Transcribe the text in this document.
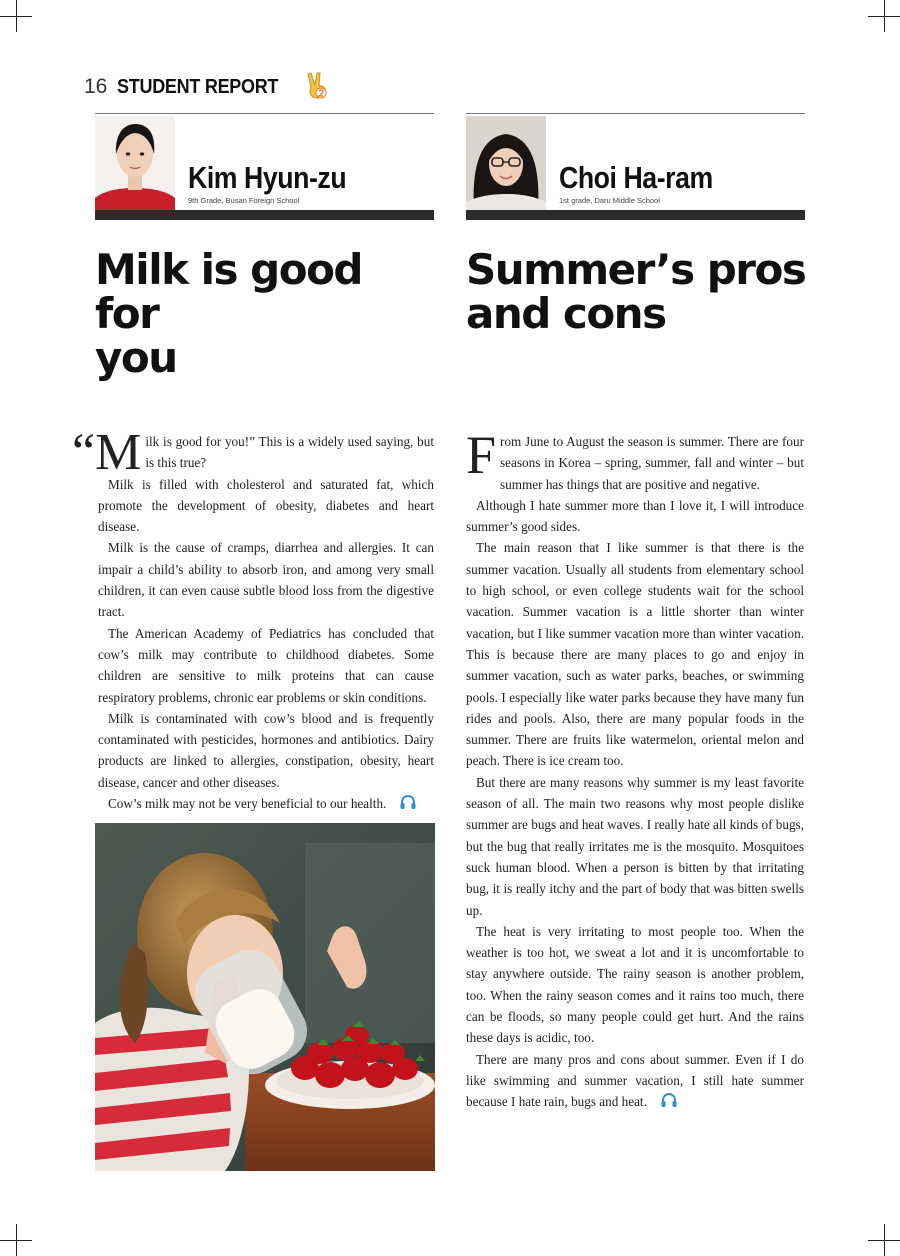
16 STUDENT REPORT
Kim Hyun-zu
9th Grade, Busan Foreign School
Choi Ha-ram
1st grade, Daru Middle School
Milk is good for
you
Summer’s pros
and cons

“M ilk is good for you!” This is a widely used saying, but is this true?

Milk is filled with cholesterol and saturated fat, which promote the development of obesity, diabetes and heart disease.

Milk is the cause of cramps, diarrhea and allergies. It can impair a child’s ability to absorb iron, and among very small children, it can even cause subtle blood loss from the digestive tract.

The American Academy of Pediatrics has concluded that cow’s milk may contribute to childhood diabetes. Some children are sensitive to milk proteins that can cause respiratory problems, chronic ear problems or skin conditions.

Milk is contaminated with cow’s blood and is frequently contaminated with pesticides, hormones and antibiotics. Dairy products are linked to allergies, constipation, obesity, heart disease, cancer and other diseases.

Cow’s milk may not be very beneficial to our health.

From June to August the season is summer. There are four seasons in Korea – spring, summer, fall and winter – but summer has things that are positive and negative.

Although I hate summer more than I love it, I will introduce summer’s good sides.

The main reason that I like summer is that there is the summer vacation. Usually all students from elementary school to high school, or even college students wait for the school vacation. Summer vacation is a little shorter than winter vacation, but I like summer vacation more than winter vacation. This is because there are many places to go and enjoy in summer vacation, such as water parks, beaches, or swimming pools. I especially like water parks because they have many fun rides and pools. Also, there are many popular foods in the summer. There are fruits like watermelon, oriental melon and peach. There is ice cream too.

But there are many reasons why summer is my least favorite season of all. The main two reasons why most people dislike summer are bugs and heat waves. I really hate all kinds of bugs, but the bug that really irritates me is the mosquito. Mosquitoes suck human blood. When a person is bitten by that irritating bug, it is really itchy and the part of body that was bitten swells up.

The heat is very irritating to most people too. When the weather is too hot, we sweat a lot and it is uncomfortable to stay anywhere outside. The rainy season is another problem, too. When the rainy season comes and it rains too much, there can be floods, so many people could get hurt. And the rains these days is acidic, too.

There are many pros and cons about summer. Even if I do like swimming and summer vacation, I still hate summer because I hate rain, bugs and heat.
